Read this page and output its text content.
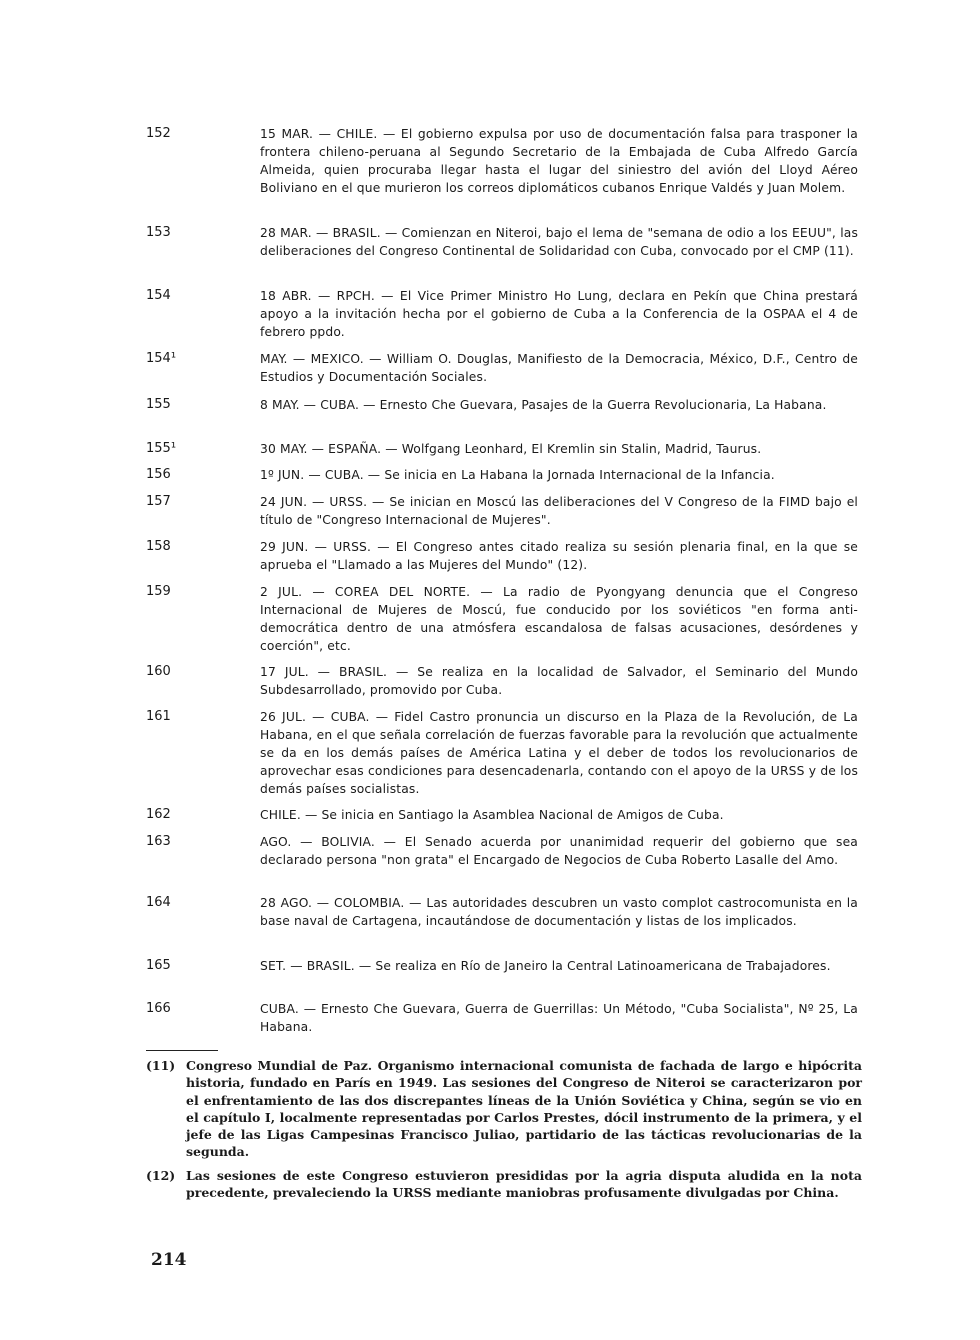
152	15 MAR. — CHILE. — El gobierno expulsa por uso de documentación falsa para trasponer la frontera chileno-peruana al Segundo Secretario de la Embajada de Cuba Alfredo García Almeida, quien procuraba llegar hasta el lugar del siniestro del avión del Lloyd Aéreo Boliviano en el que murieron los correos diplomáticos cubanos Enrique Valdés y Juan Molem.
153	28 MAR. — BRASIL. — Comienzan en Niteroi, bajo el lema de "semana de odio a los EEUU", las deliberaciones del Congreso Continental de Solidaridad con Cuba, convocado por el CMP (11).
154	18 ABR. — RPCH. — El Vice Primer Ministro Ho Lung, declara en Pekín que China prestará apoyo a la invitación hecha por el gobierno de Cuba a la Conferencia de la OSPAA el 4 de febrero ppdo.
154¹	MAY. — MEXICO. — William O. Douglas, Manifiesto de la Democracia, México, D.F., Centro de Estudios y Documentación Sociales.
155	8 MAY. — CUBA. — Ernesto Che Guevara, Pasajes de la Guerra Revolucionaria, La Habana.
155¹	30 MAY. — ESPAÑA. — Wolfgang Leonhard, El Kremlin sin Stalin, Madrid, Taurus.
156	1º JUN. — CUBA. — Se inicia en La Habana la Jornada Internacional de la Infancia.
157	24 JUN. — URSS. — Se inician en Moscú las deliberaciones del V Congreso de la FIMD bajo el título de "Congreso Internacional de Mujeres".
158	29 JUN. — URSS. — El Congreso antes citado realiza su sesión plenaria final, en la que se aprueba el "Llamado a las Mujeres del Mundo" (12).
159	2 JUL. — COREA DEL NORTE. — La radio de Pyongyang denuncia que el Congreso Internacional de Mujeres de Moscú, fue conducido por los soviéticos "en forma anti-democrática dentro de una atmósfera escandalosa de falsas acusaciones, desórdenes y coerción", etc.
160	17 JUL. — BRASIL. — Se realiza en la localidad de Salvador, el Seminario del Mundo Subdesarrollado, promovido por Cuba.
161	26 JUL. — CUBA. — Fidel Castro pronuncia un discurso en la Plaza de la Revolución, de La Habana, en el que señala correlación de fuerzas favorable para la revolución que actualmente se da en los demás países de América Latina y el deber de todos los revolucionarios de aprovechar esas condiciones para desencadenarla, contando con el apoyo de la URSS y de los demás países socialistas.
162	CHILE. — Se inicia en Santiago la Asamblea Nacional de Amigos de Cuba.
163	AGO. — BOLIVIA. — El Senado acuerda por unanimidad requerir del gobierno que sea declarado persona "non grata" el Encargado de Negocios de Cuba Roberto Lasalle del Amo.
164	28 AGO. — COLOMBIA. — Las autoridades descubren un vasto complot castrocomunista en la base naval de Cartagena, incautándose de documentación y listas de los implicados.
165	SET. — BRASIL. — Se realiza en Río de Janeiro la Central Latinoamericana de Trabajadores.
166	CUBA. — Ernesto Che Guevara, Guerra de Guerrillas: Un Método, "Cuba Socialista", Nº 25, La Habana.
(11) Congreso Mundial de Paz. Organismo internacional comunista de fachada de largo e hipócrita historia, fundado en París en 1949. Las sesiones del Congreso de Niteroi se caracterizaron por el enfrentamiento de las dos discrepantes líneas de la Unión Soviética y China, según se vio en el capítulo I, localmente representadas por Carlos Prestes, dócil instrumento de la primera, y el jefe de las Ligas Campesinas Francisco Juliao, partidario de las tácticas revolucionarias de la segunda.
(12) Las sesiones de este Congreso estuvieron presididas por la agria disputa aludida en la nota precedente, prevaleciendo la URSS mediante maniobras profusamente divulgadas por China.
214
